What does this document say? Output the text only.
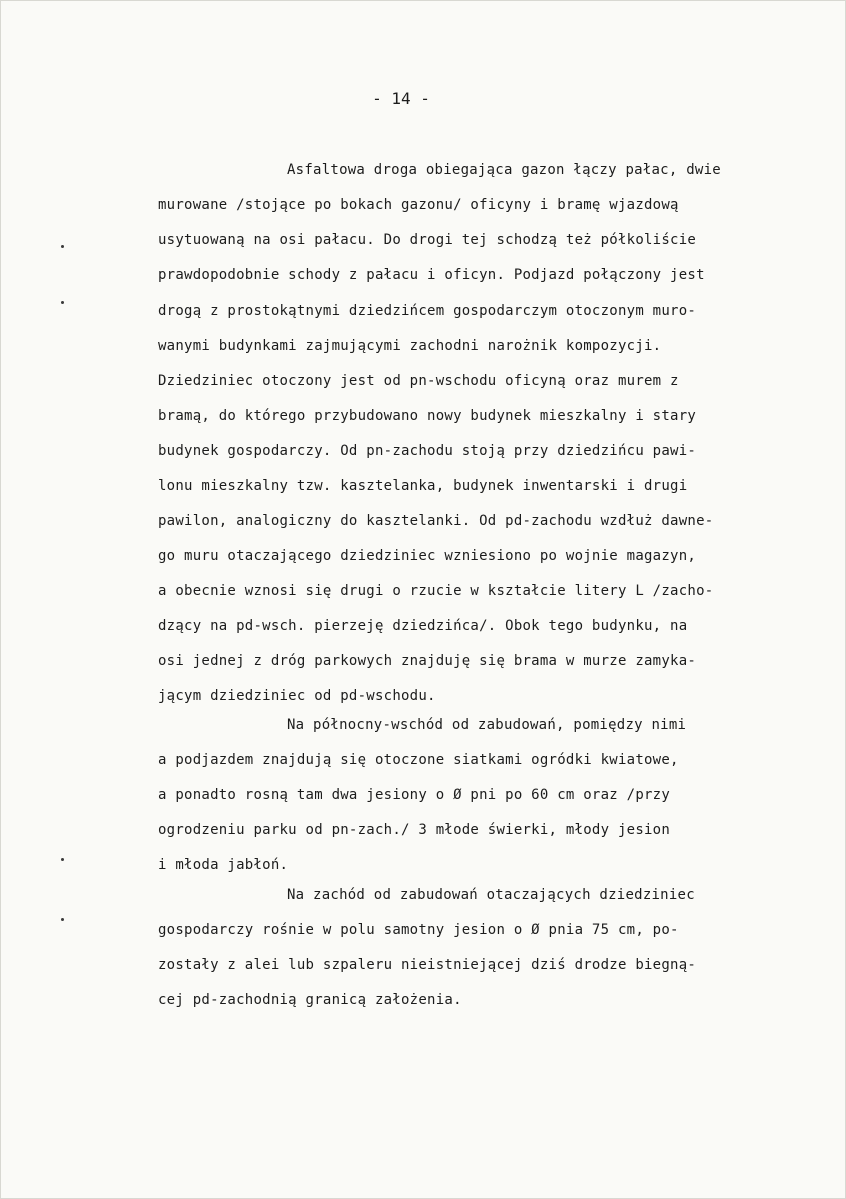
- 14 -
Asfaltowa droga obiegająca gazon łączy pałac, dwie
murowane /stojące po bokach gazonu/ oficyny i bramę wjazdową
usytuowaną na osi pałacu. Do drogi tej schodzą też półkoliście
prawdopodobnie schody z pałacu i oficyn. Podjazd połączony jest
drogą z prostokątnymi dziedzińcem gospodarczym otoczonym muro-
wanymi budynkami zajmującymi zachodni narożnik kompozycji.
Dziedziniec otoczony jest od pn-wschodu oficyną oraz murem z
bramą, do którego przybudowano nowy budynek mieszkalny i stary
budynek gospodarczy. Od pn-zachodu stoją przy dziedzińcu pawi-
lonu mieszkalny tzw. kasztelanka, budynek inwentarski i drugi
pawilon, analogiczny do kasztelanki. Od pd-zachodu wzdłuż dawne-
go muru otaczającego dziedziniec wzniesiono po wojnie magazyn,
a obecnie wznosi się drugi o rzucie w kształcie litery L /zacho-
dzący na pd-wsch. pierzeję dziedzińca/. Obok tego budynku, na
osi jednej z dróg parkowych znajduję się brama w murze zamyka-
jącym dziedziniec od pd-wschodu.
Na północny-wschód od zabudowań, pomiędzy nimi
a podjazdem znajdują się otoczone siatkami ogródki kwiatowe,
a ponadto rosną tam dwa jesiony o Ø pni po 60 cm oraz /przy
ogrodzeniu parku od pn-zach./ 3 młode świerki, młody jesion
i młoda jabłoń.
Na zachód od zabudowań otaczających dziedziniec
gospodarczy rośnie w polu samotny jesion o Ø pnia 75 cm, po-
zostały z alei lub szpaleru nieistniejącej dziś drodze biegną-
cej pd-zachodnią granicą założenia.
